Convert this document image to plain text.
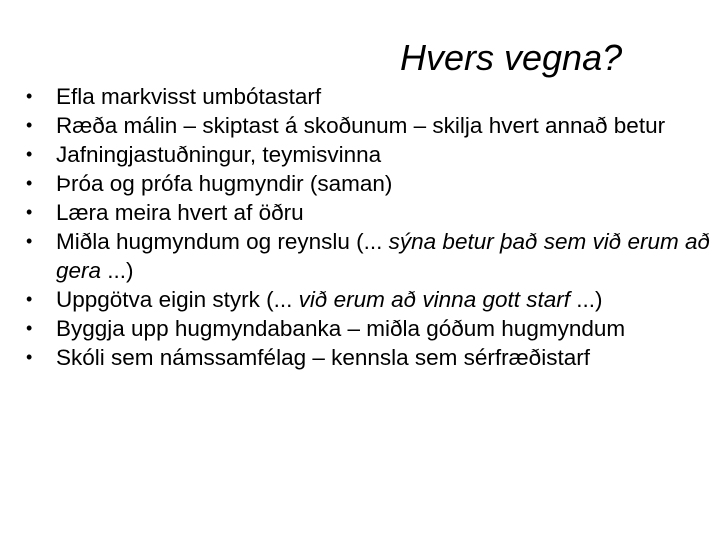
Hvers vegna?
• Efla markvisst umbótastarf
• Ræða málin – skiptast á skoðunum – skilja hvert annað betur
• Jafningjastuðningur, teymisvinna
• Þróa og prófa hugmyndir (saman)
• Læra meira hvert af öðru
• Miðla hugmyndum og reynslu (... sýna betur það sem við erum að gera ...)
• Uppgötva eigin styrk (... við erum að vinna gott starf ...)
• Byggja upp hugmyndabanka – miðla góðum hugmyndum
• Skóli sem námssamfélag – kennsla sem sérfræðistarf
